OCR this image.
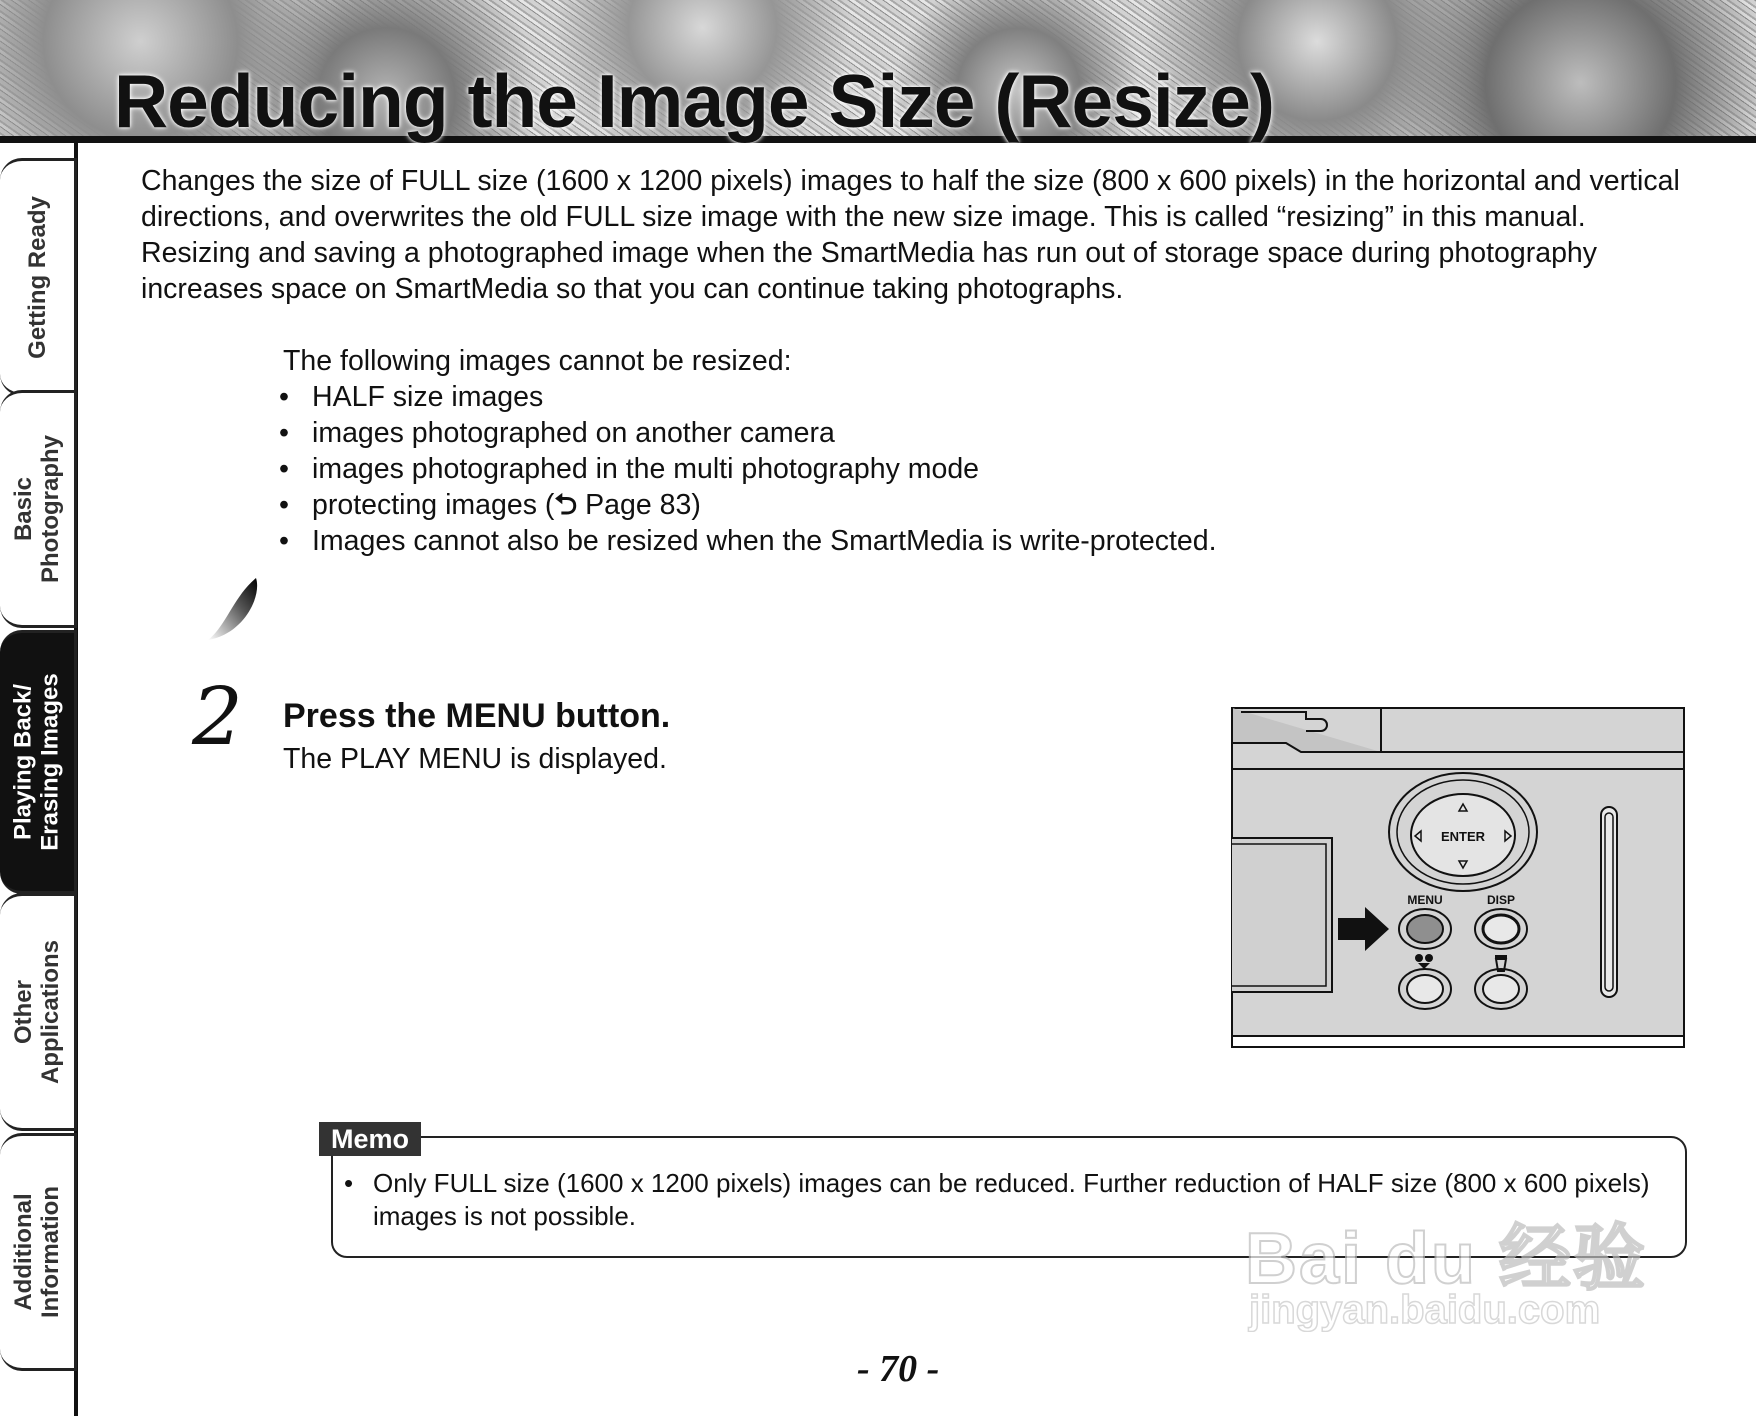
Reducing the Image Size (Resize)
Getting Ready
Basic
Photography
Playing Back/
Erasing Images
Other
Applications
Additional
Information

Changes the size of FULL size (1600 x 1200 pixels) images to half the size (800 x 600 pixels) in the horizontal and vertical directions, and overwrites the old FULL size image with the new size image. This is called “resizing” in this manual.

Resizing and saving a photographed image when the SmartMedia has run out of storage space during photography increases space on SmartMedia so that you can continue taking photographs.

The following images cannot be resized:
• HALF size images
• images photographed on another camera
• images photographed in the multi photography mode
• protecting images (⮌ Page 83)
• Images cannot also be resized when the SmartMedia is write-protected.
2 Press the MENU button.
The PLAY MENU is displayed.
ENTER
MENU	DISP
Memo
• Only FULL size (1600 x 1200 pixels) images can be reduced. Further reduction of HALF size (800 x 600 pixels) images is not possible.
Bai du 经验
jingyan.baidu.com
- 70 -
